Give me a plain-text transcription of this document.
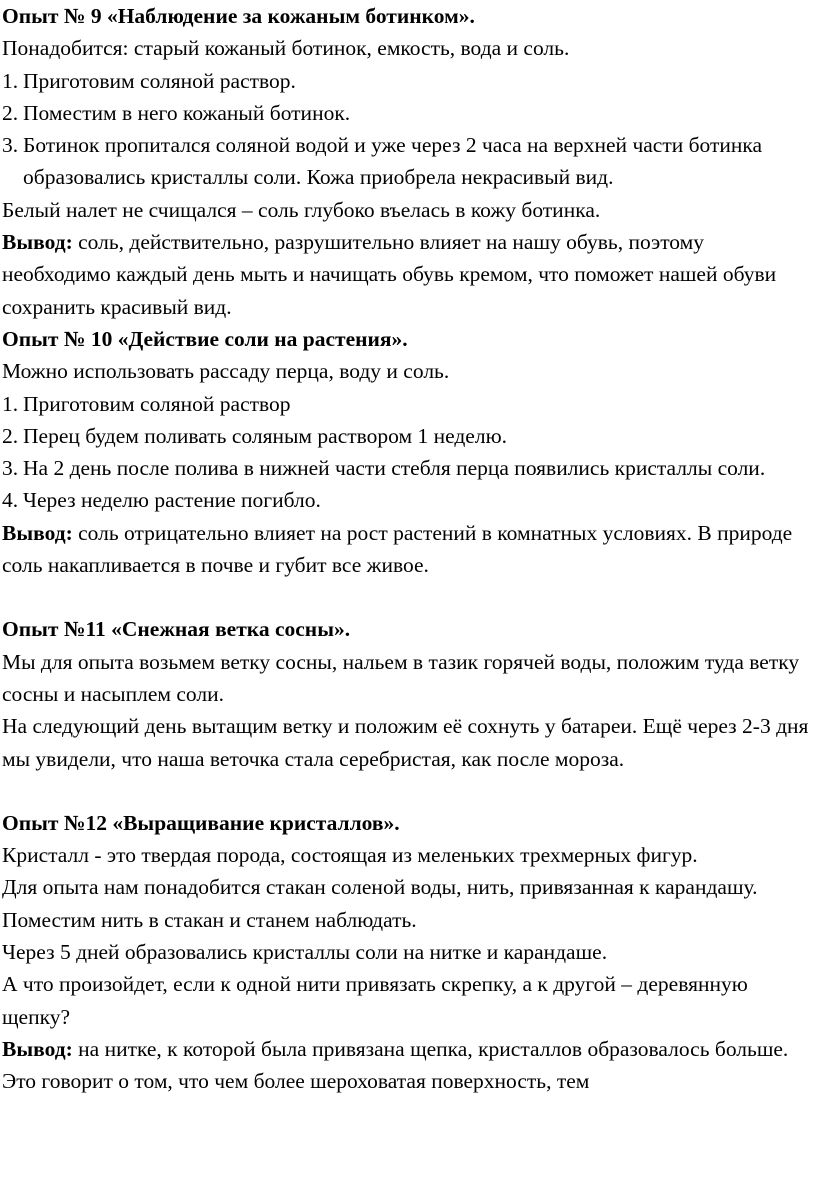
Опыт № 9 «Наблюдение за кожаным ботинком».

Понадобится: старый кожаный ботинок, емкость, вода и соль.

1. Приготовим соляной раствор.
2. Поместим в него кожаный ботинок.
3. Ботинок пропитался соляной водой и уже через 2 часа на верхней части ботинка образовались кристаллы соли. Кожа приобрела некрасивый вид.

Белый налет не счищался – соль глубоко въелась в кожу ботинка.

Вывод: соль, действительно, разрушительно влияет на нашу обувь, поэтому необходимо каждый день мыть и начищать обувь кремом, что поможет нашей обуви сохранить красивый вид.

Опыт № 10 «Действие соли на растения».

Можно использовать рассаду перца, воду и соль.

1. Приготовим соляной раствор
2. Перец будем поливать соляным раствором 1 неделю.
3. На 2 день после полива в нижней части стебля перца появились кристаллы соли.
4. Через неделю растение погибло.

Вывод: соль отрицательно влияет на рост растений в комнатных условиях. В природе соль накапливается в почве и губит все живое.

Опыт №11 «Снежная ветка сосны».

Мы для опыта возьмем ветку сосны, нальем в тазик горячей воды, положим туда ветку сосны и насыплем соли.

На следующий день вытащим ветку и положим её сохнуть у батареи. Ещё через 2-3 дня мы увидели, что наша веточка стала серебристая, как после мороза.

Опыт №12 «Выращивание кристаллов».

Кристалл - это твердая порода, состоящая из меленьких трехмерных фигур.

Для опыта нам понадобится стакан соленой воды, нить, привязанная к карандашу.

Поместим нить в стакан и станем наблюдать.

Через 5 дней образовались кристаллы соли на нитке и карандаше.

А что произойдет, если к одной нити привязать скрепку, а к другой – деревянную щепку?

Вывод: на нитке, к которой была привязана щепка, кристаллов образовалось больше. Это говорит о том, что чем более шероховатая поверхность, тем
